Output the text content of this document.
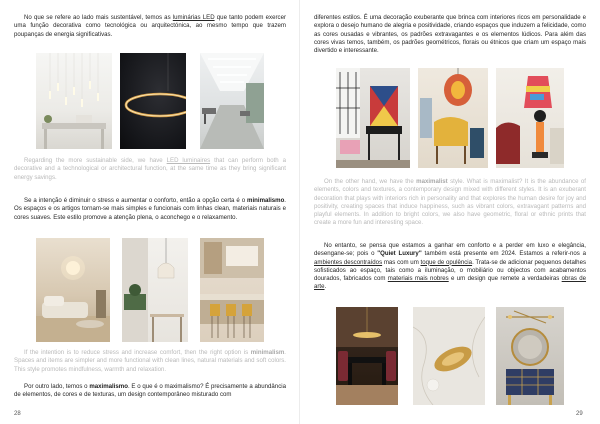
No que se refere ao lado mais sustentável, temos as luminárias LED que tanto podem exercer uma função decorativa como tecnológica ou arquitectónica, ao mesmo tempo que trazem poupanças de energia significativas.

Regarding the more sustainable side, we have LED luminaires that can perform both a decorative and a technological or architectural function, at the same time as they bring significant energy savings.

Se a intenção é diminuir o stress e aumentar o conforto, então a opção certa é o minimalismo. Os espaços e os artigos tornam-se mais simples e funcionais com linhas clean, materiais naturais e cores suaves. Este estilo promove a atenção plena, o aconchego e o relaxamento.

If the intention is to reduce stress and increase comfort, then the right option is minimalism. Spaces and items are simpler and more functional with clean lines, natural materials and soft colors. This style promotes mindfulness, warmth and relaxation.

Por outro lado, temos o maximalismo. E o que é o maximalismo? É precisamente a abundância de elementos, de cores e de texturas, um design contemporâneo misturado com

28

diferentes estilos. É uma decoração exuberante que brinca com interiores ricos em personalidade e explora o desejo humano de alegria e positividade, criando espaços que induzem a felicidade, como as cores ousadas e vibrantes, os padrões extravagantes e os elementos lúdicos. Para além das cores vivas temos, também, os padrões geométricos, florais ou étnicos que criam um espaço mais divertido e interessante.

On the other hand, we have the maximalist style. What is maximalist? It is the abundance of elements, colors and textures, a contemporary design mixed with different styles. It is an exuberant decoration that plays with interiors rich in personality and that explores the human desire for joy and positivity, creating spaces that induce happiness, such as vibrant colors, extravagant patterns and playful elements. In addition to bright colors, we also have geometric, floral or ethnic prints that create a more fun and interesting space.

No entanto, se pensa que estamos a ganhar em conforto e a perder em luxo e elegância, desengane-se; pois o "Quiet Luxury" também está presente em 2024. Estamos a referir-nos a ambientes descontraídos mas com um toque de opulência. Trata-se de adicionar pequenos detalhes sofisticados ao espaço, tais como a iluminação, o mobiliário ou objectos com acabamentos dourados, fabricados com materiais mais nobres e um design que remete a verdadeiras obras de arte.

29
